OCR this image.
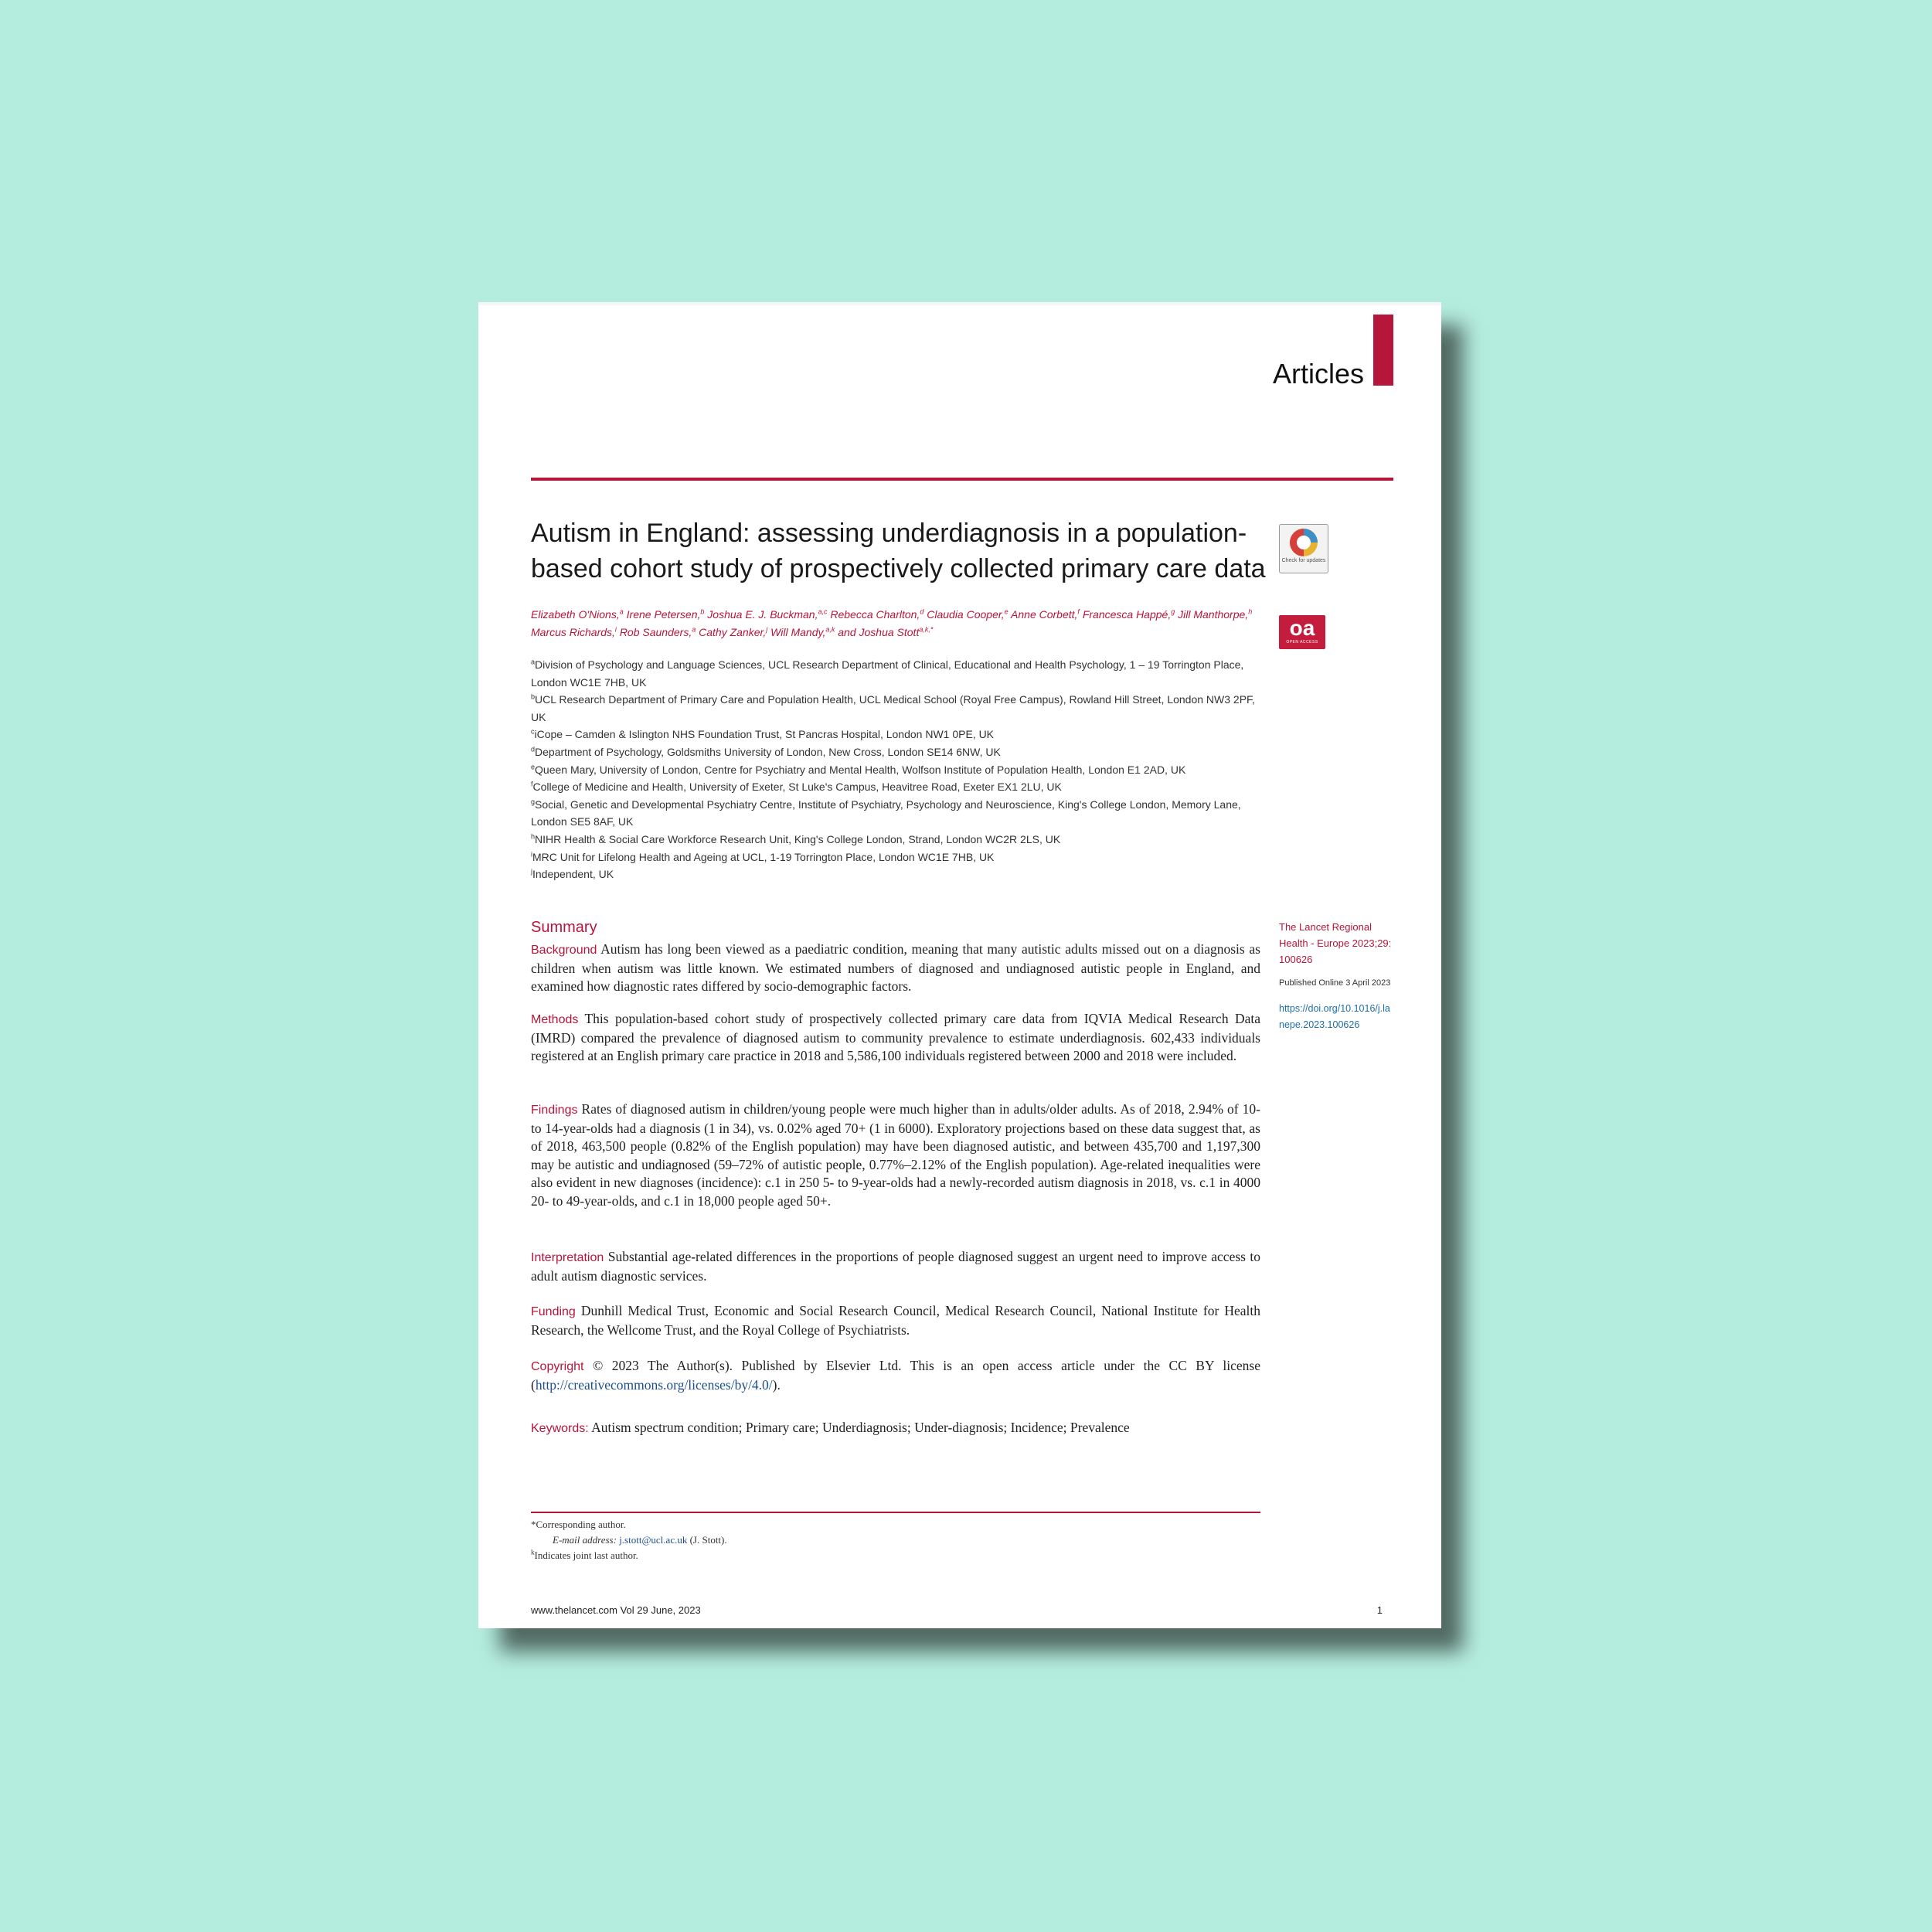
Articles
Autism in England: assessing underdiagnosis in a population-based cohort study of prospectively collected primary care data	Check for updates
oa
OPEN ACCESS
Elizabeth O'Nions,$^a$ Irene Petersen,$^b$ Joshua E. J. Buckman,$^{a,c}$ Rebecca Charlton,$^d$ Claudia Cooper,$^e$ Anne Corbett,$^f$ Francesca Happé,$^g$ Jill Manthorpe,$^h$ Marcus Richards,$^i$ Rob Saunders,$^a$ Cathy Zanker,$^j$ Will Mandy,$^{a,k}$ and Joshua Stott$^{a,k,*}$
$^a$Division of Psychology and Language Sciences, UCL Research Department of Clinical, Educational and Health Psychology, 1 – 19 Torrington Place, London WC1E 7HB, UK
$^b$UCL Research Department of Primary Care and Population Health, UCL Medical School (Royal Free Campus), Rowland Hill Street, London NW3 2PF, UK
$^c$iCope – Camden & Islington NHS Foundation Trust, St Pancras Hospital, London NW1 0PE, UK
$^d$Department of Psychology, Goldsmiths University of London, New Cross, London SE14 6NW, UK
$^e$Queen Mary, University of London, Centre for Psychiatry and Mental Health, Wolfson Institute of Population Health, London E1 2AD, UK
$^f$College of Medicine and Health, University of Exeter, St Luke's Campus, Heavitree Road, Exeter EX1 2LU, UK
$^g$Social, Genetic and Developmental Psychiatry Centre, Institute of Psychiatry, Psychology and Neuroscience, King's College London, Memory Lane, London SE5 8AF, UK
$^h$NIHR Health & Social Care Workforce Research Unit, King's College London, Strand, London WC2R 2LS, UK
$^i$MRC Unit for Lifelong Health and Ageing at UCL, 1-19 Torrington Place, London WC1E 7HB, UK
$^j$Independent, UK
Summary

Background Autism has long been viewed as a paediatric condition, meaning that many autistic adults missed out on a diagnosis as children when autism was little known. We estimated numbers of diagnosed and undiagnosed autistic people in England, and examined how diagnostic rates differed by socio-demographic factors.

Methods This population-based cohort study of prospectively collected primary care data from IQVIA Medical Research Data (IMRD) compared the prevalence of diagnosed autism to community prevalence to estimate underdiagnosis. 602,433 individuals registered at an English primary care practice in 2018 and 5,586,100 individuals registered between 2000 and 2018 were included.

Findings Rates of diagnosed autism in children/young people were much higher than in adults/older adults. As of 2018, 2.94% of 10- to 14-year-olds had a diagnosis (1 in 34), vs. 0.02% aged 70+ (1 in 6000). Exploratory projections based on these data suggest that, as of 2018, 463,500 people (0.82% of the English population) may have been diagnosed autistic, and between 435,700 and 1,197,300 may be autistic and undiagnosed (59–72% of autistic people, 0.77%–2.12% of the English population). Age-related inequalities were also evident in new diagnoses (incidence): c.1 in 250 5- to 9-year-olds had a newly-recorded autism diagnosis in 2018, vs. c.1 in 4000 20- to 49-year-olds, and c.1 in 18,000 people aged 50+.

Interpretation Substantial age-related differences in the proportions of people diagnosed suggest an urgent need to improve access to adult autism diagnostic services.

Funding Dunhill Medical Trust, Economic and Social Research Council, Medical Research Council, National Institute for Health Research, the Wellcome Trust, and the Royal College of Psychiatrists.

Copyright © 2023 The Author(s). Published by Elsevier Ltd. This is an open access article under the CC BY license (http://creativecommons.org/licenses/by/4.0/).

Keywords: Autism spectrum condition; Primary care; Underdiagnosis; Under-diagnosis; Incidence; Prevalence

The Lancet Regional Health - Europe 2023;29: 100626
Published Online 3 April 2023
https://doi.org/10.1016/j.lanepe.2023.100626
*Corresponding author.
E-mail address: j.stott@ucl.ac.uk (J. Stott).
$^k$Indicates joint last author.
www.thelancet.com Vol 29 June, 2023	1
